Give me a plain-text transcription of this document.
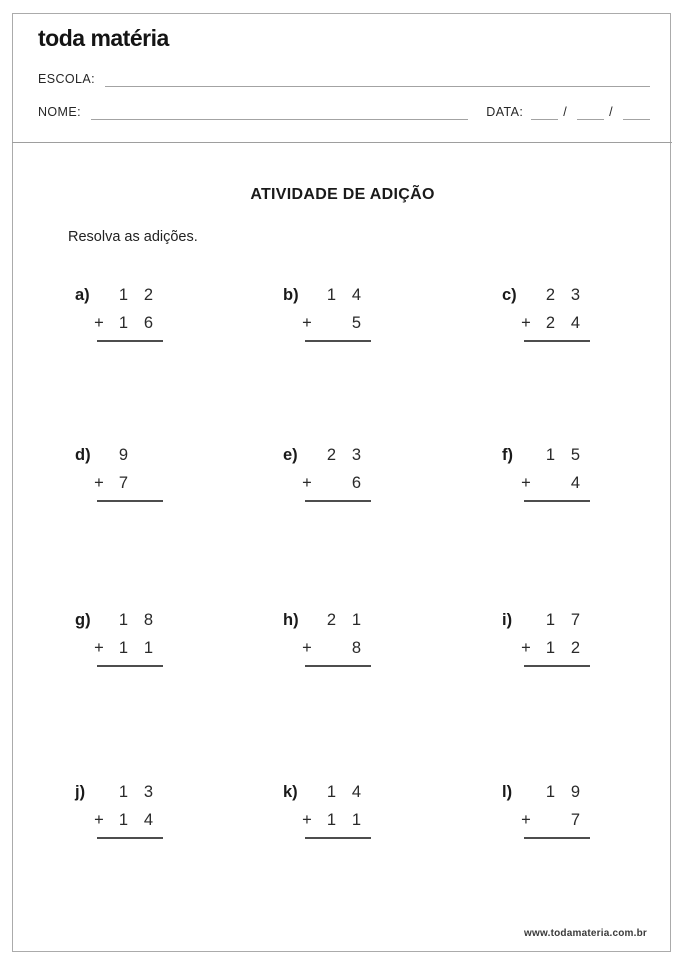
toda matéria
ESCOLA:
NOME:	DATA:	/	/
ATIVIDADE DE ADIÇÃO
Resolva as adições.
a)	1 2
+ 1 6
b)	1 4
+	5
c)	2 3
+ 2 4
d)	9
+ 7
e)	2 3
+	6
f)	1 5
+	4
g)	1 8
+ 1 1
h)	2 1
+	8
i)	1 7
+ 1 2
j)	1 3
+ 1 4
k)	1 4
+ 1 1
l)	1 9
+	7
www.todamateria.com.br
